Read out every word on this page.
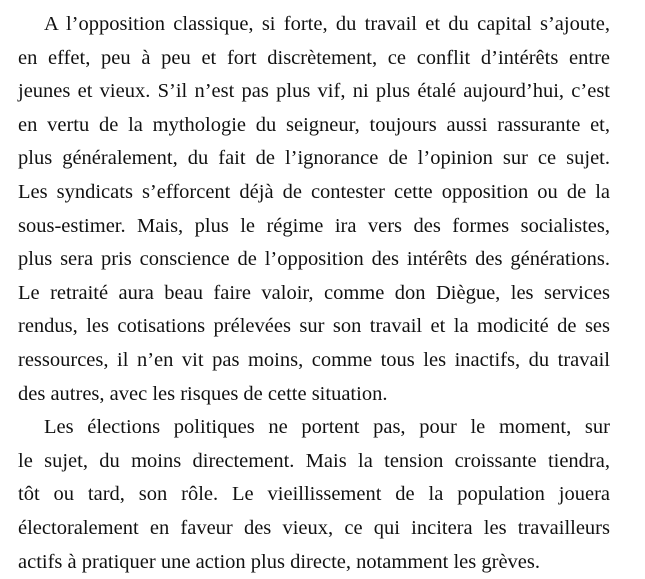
A l’opposition classique, si forte, du travail et du capital s’ajoute,
en effet, peu à peu et fort discrètement, ce conflit d’intérêts entre
jeunes et vieux. S’il n’est pas plus vif, ni plus étalé aujourd’hui, c’est
en vertu de la mythologie du seigneur, toujours aussi rassurante et,
plus généralement, du fait de l’ignorance de l’opinion sur ce sujet.
Les syndicats s’efforcent déjà de contester cette opposition ou de la
sous-estimer. Mais, plus le régime ira vers des formes socialistes,
plus sera pris conscience de l’opposition des intérêts des générations.
Le retraité aura beau faire valoir, comme don Diègue, les services
rendus, les cotisations prélevées sur son travail et la modicité de ses
ressources, il n’en vit pas moins, comme tous les inactifs, du travail
des autres, avec les risques de cette situation.
Les élections politiques ne portent pas, pour le moment, sur
le sujet, du moins directement. Mais la tension croissante tiendra,
tôt ou tard, son rôle. Le vieillissement de la population jouera
électoralement en faveur des vieux, ce qui incitera les travailleurs
actifs à pratiquer une action plus directe, notamment les grèves.
